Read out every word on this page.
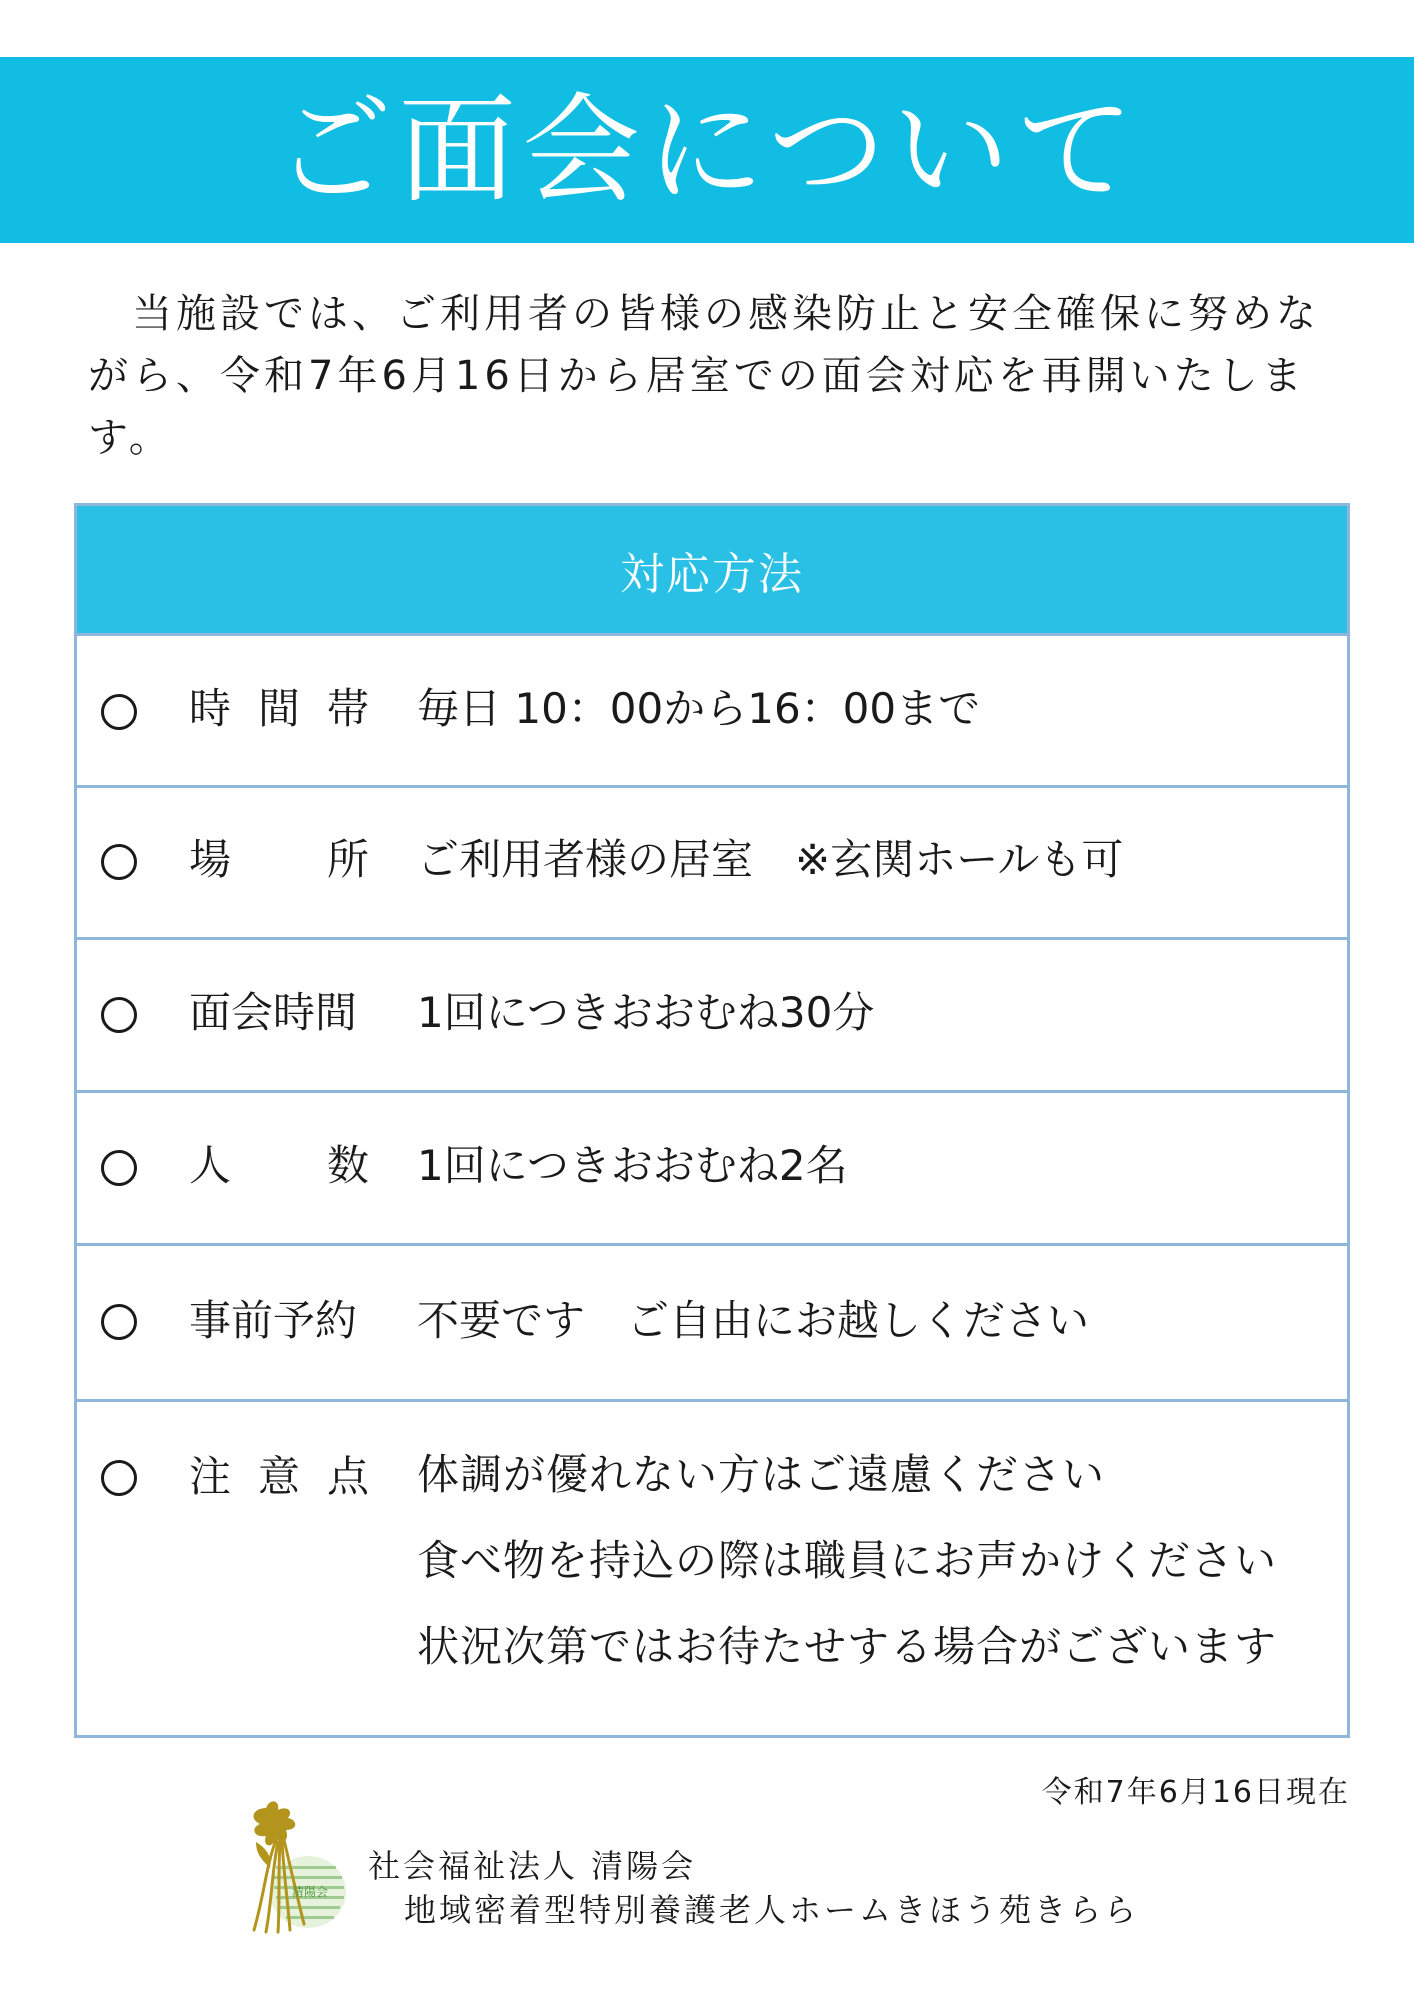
ご面会について

当施設では、ご利用者の皆様の感染防止と安全確保に努めながら、令和7年6月16日から居室での面会対応を再開いたします。

対応方法
時 間 帯 毎日 10：00から16：00まで
場 所 ご利用者様の居室　※玄関ホールも可
面会時間 1回につきおおむね30分
人 数 1回につきおおむね2名
事前予約 不要です　ご自由にお越しください
注 意 点 体調が優れない方はご遠慮ください
食べ物を持込の際は職員にお声かけください
状況次第ではお待たせする場合がございます
令和7年6月16日現在
清陽会
社会福祉法人 清陽会
地域密着型特別養護老人ホームきほう苑きらら
